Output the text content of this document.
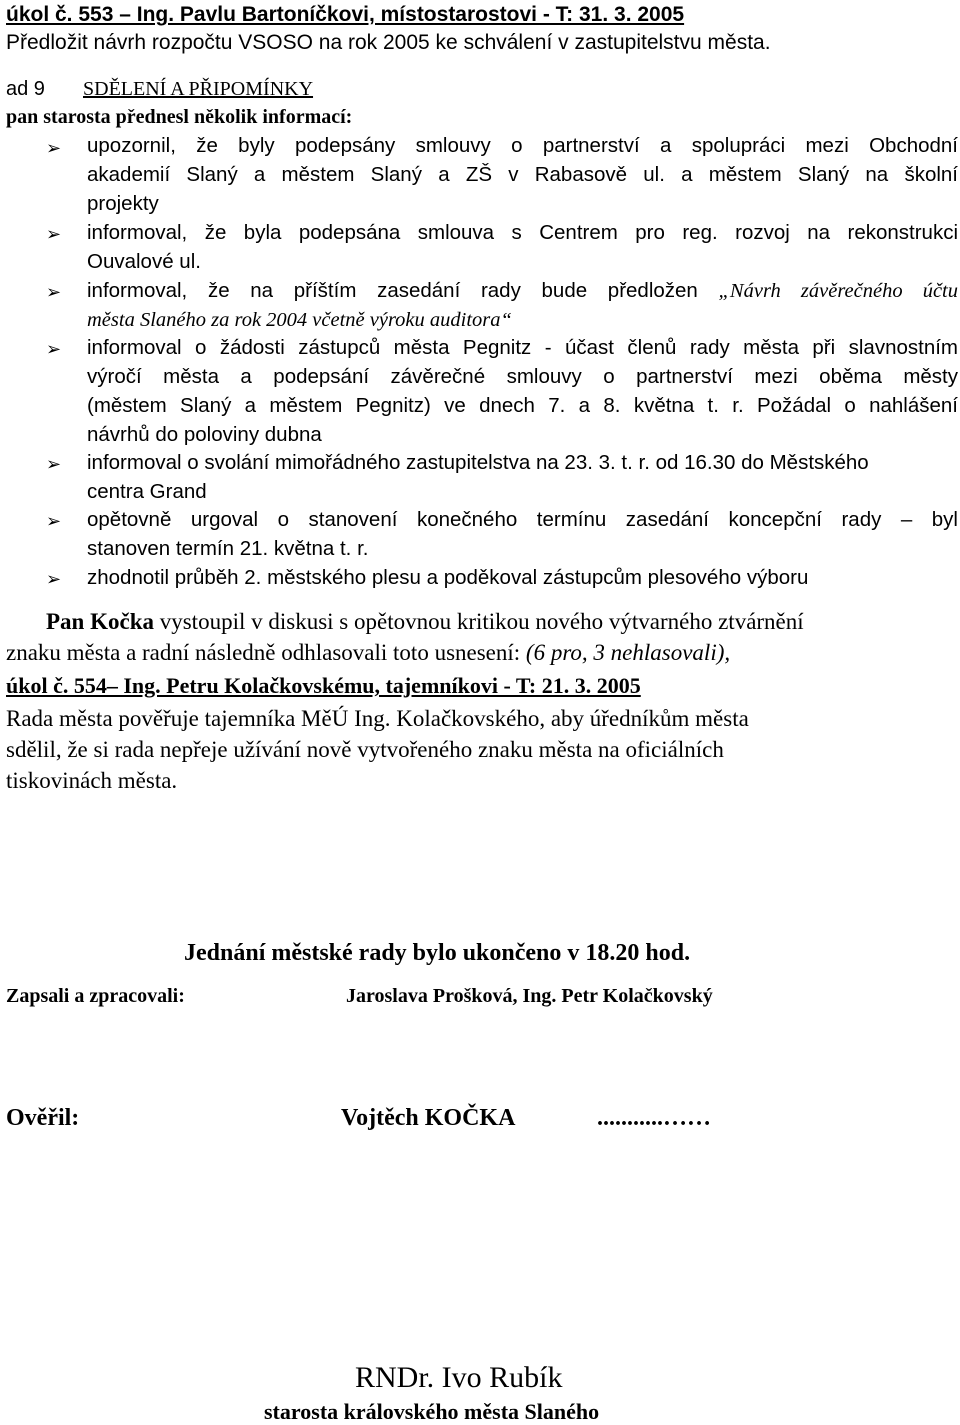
úkol č. 553 – Ing. Pavlu Bartoníčkovi, místostarostovi - T: 31. 3. 2005
Předložit návrh rozpočtu VSOSO na rok 2005 ke schválení v zastupitelstvu města.
ad 9 SDĚLENÍ A PŘIPOMÍNKY
pan starosta přednesl několik informací:
➢ upozornil, že byly podepsány smlouvy o partnerství a spolupráci mezi Obchodní
akademií Slaný a městem Slaný a ZŠ v Rabasově ul. a městem Slaný na školní
projekty
➢ informoval, že byla podepsána smlouva s Centrem pro reg. rozvoj na rekonstrukci
Ouvalové ul.
➢ informoval, že na příštím zasedání rady bude předložen „Návrh závěrečného účtu
města Slaného za rok 2004 včetně výroku auditora“
➢ informoval o žádosti zástupců města Pegnitz - účast členů rady města při slavnostním
výročí města a podepsání závěrečné smlouvy o partnerství mezi oběma městy
(městem Slaný a městem Pegnitz) ve dnech 7. a 8. května t. r. Požádal o nahlášení
návrhů do poloviny dubna
➢ informoval o svolání mimořádného zastupitelstva na 23. 3. t. r. od 16.30 do Městského
centra Grand
➢ opětovně urgoval o stanovení konečného termínu zasedání koncepční rady – byl
stanoven termín 21. května t. r.
➢ zhodnotil průběh 2. městského plesu a poděkoval zástupcům plesového výboru
Pan Kočka vystoupil v diskusi s opětovnou kritikou nového výtvarného ztvárnění
znaku města a radní následně odhlasovali toto usnesení: (6 pro, 3 nehlasovali),
úkol č. 554– Ing. Petru Kolačkovskému, tajemníkovi - T: 21. 3. 2005
Rada města pověřuje tajemníka MěÚ Ing. Kolačkovského, aby úředníkům města
sdělil, že si rada nepřeje užívání nově vytvořeného znaku města na oficiálních
tiskovinách města.
Jednání městské rady bylo ukončeno v 18.20 hod.
Zapsali a zpracovali:	Jaroslava Prošková, Ing. Petr Kolačkovský
Ověřil:	Vojtěch KOČKA	...........……
RNDr. Ivo Rubík
starosta královského města Slaného
